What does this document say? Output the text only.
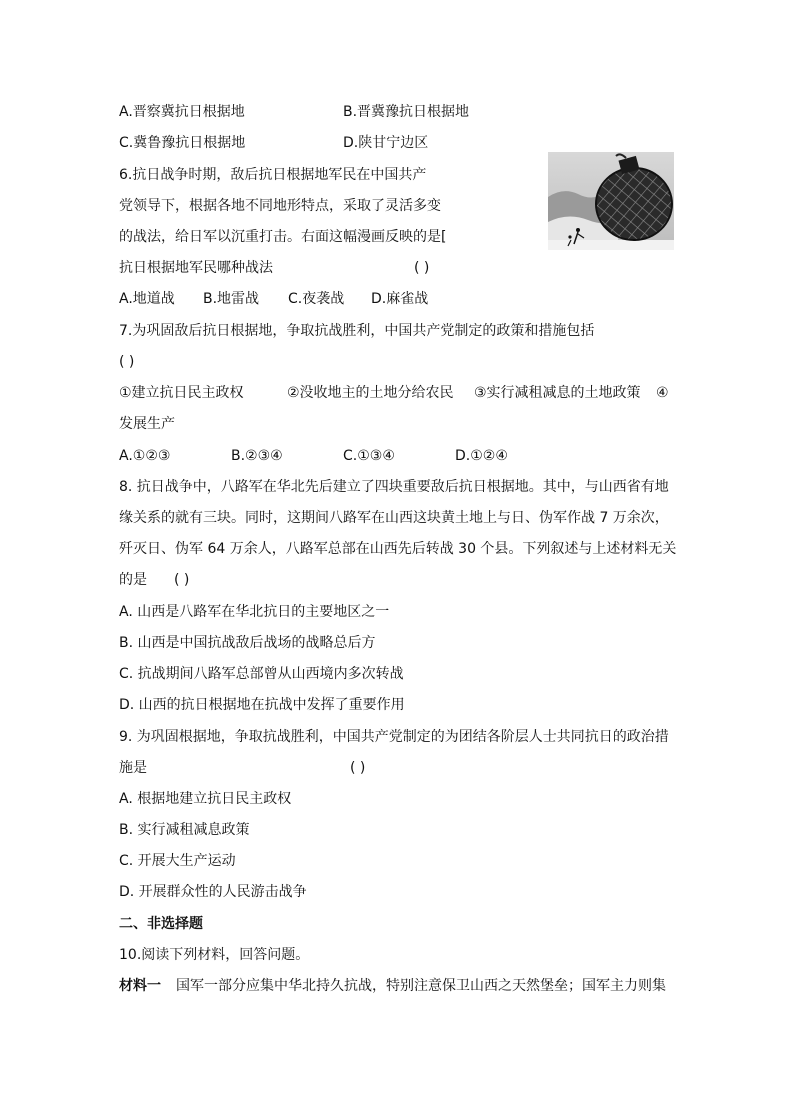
A.晋察冀抗日根据地	B.晋冀豫抗日根据地
C.冀鲁豫抗日根据地	D.陕甘宁边区
6.抗日战争时期，敌后抗日根据地军民在中国共产
党领导下，根据各地不同地形特点，采取了灵活多变
的战法，给日军以沉重打击。右面这幅漫画反映的是[
抗日根据地军民哪种战法	( )
A.地道战 B.地雷战 C.夜袭战 D.麻雀战
7.为巩固敌后抗日根据地，争取抗战胜利，中国共产党制定的政策和措施包括
( )
①建立抗日民主政权	②没收地主的土地分给农民 ③实行减租减息的土地政策 ④
发展生产
A.①②③	B.②③④	C.①③④	D.①②④
8. 抗日战争中，八路军在华北先后建立了四块重要敌后抗日根据地。其中，与山西省有地
缘关系的就有三块。同时，这期间八路军在山西这块黄土地上与日、伪军作战 7 万余次，
歼灭日、伪军 64 万余人，八路军总部在山西先后转战 30 个县。下列叙述与上述材料无关
的是 ( )
A. 山西是八路军在华北抗日的主要地区之一
B. 山西是中国抗战敌后战场的战略总后方
C. 抗战期间八路军总部曾从山西境内多次转战
D. 山西的抗日根据地在抗战中发挥了重要作用
9. 为巩固根据地，争取抗战胜利，中国共产党制定的为团结各阶层人士共同抗日的政治措
施是	( )
A. 根据地建立抗日民主政权
B. 实行减租减息政策
C. 开展大生产运动
D. 开展群众性的人民游击战争
二、非选择题
10.阅读下列材料，回答问题。
材料一 国军一部分应集中华北持久抗战，特别注意保卫山西之天然堡垒；国军主力则集
